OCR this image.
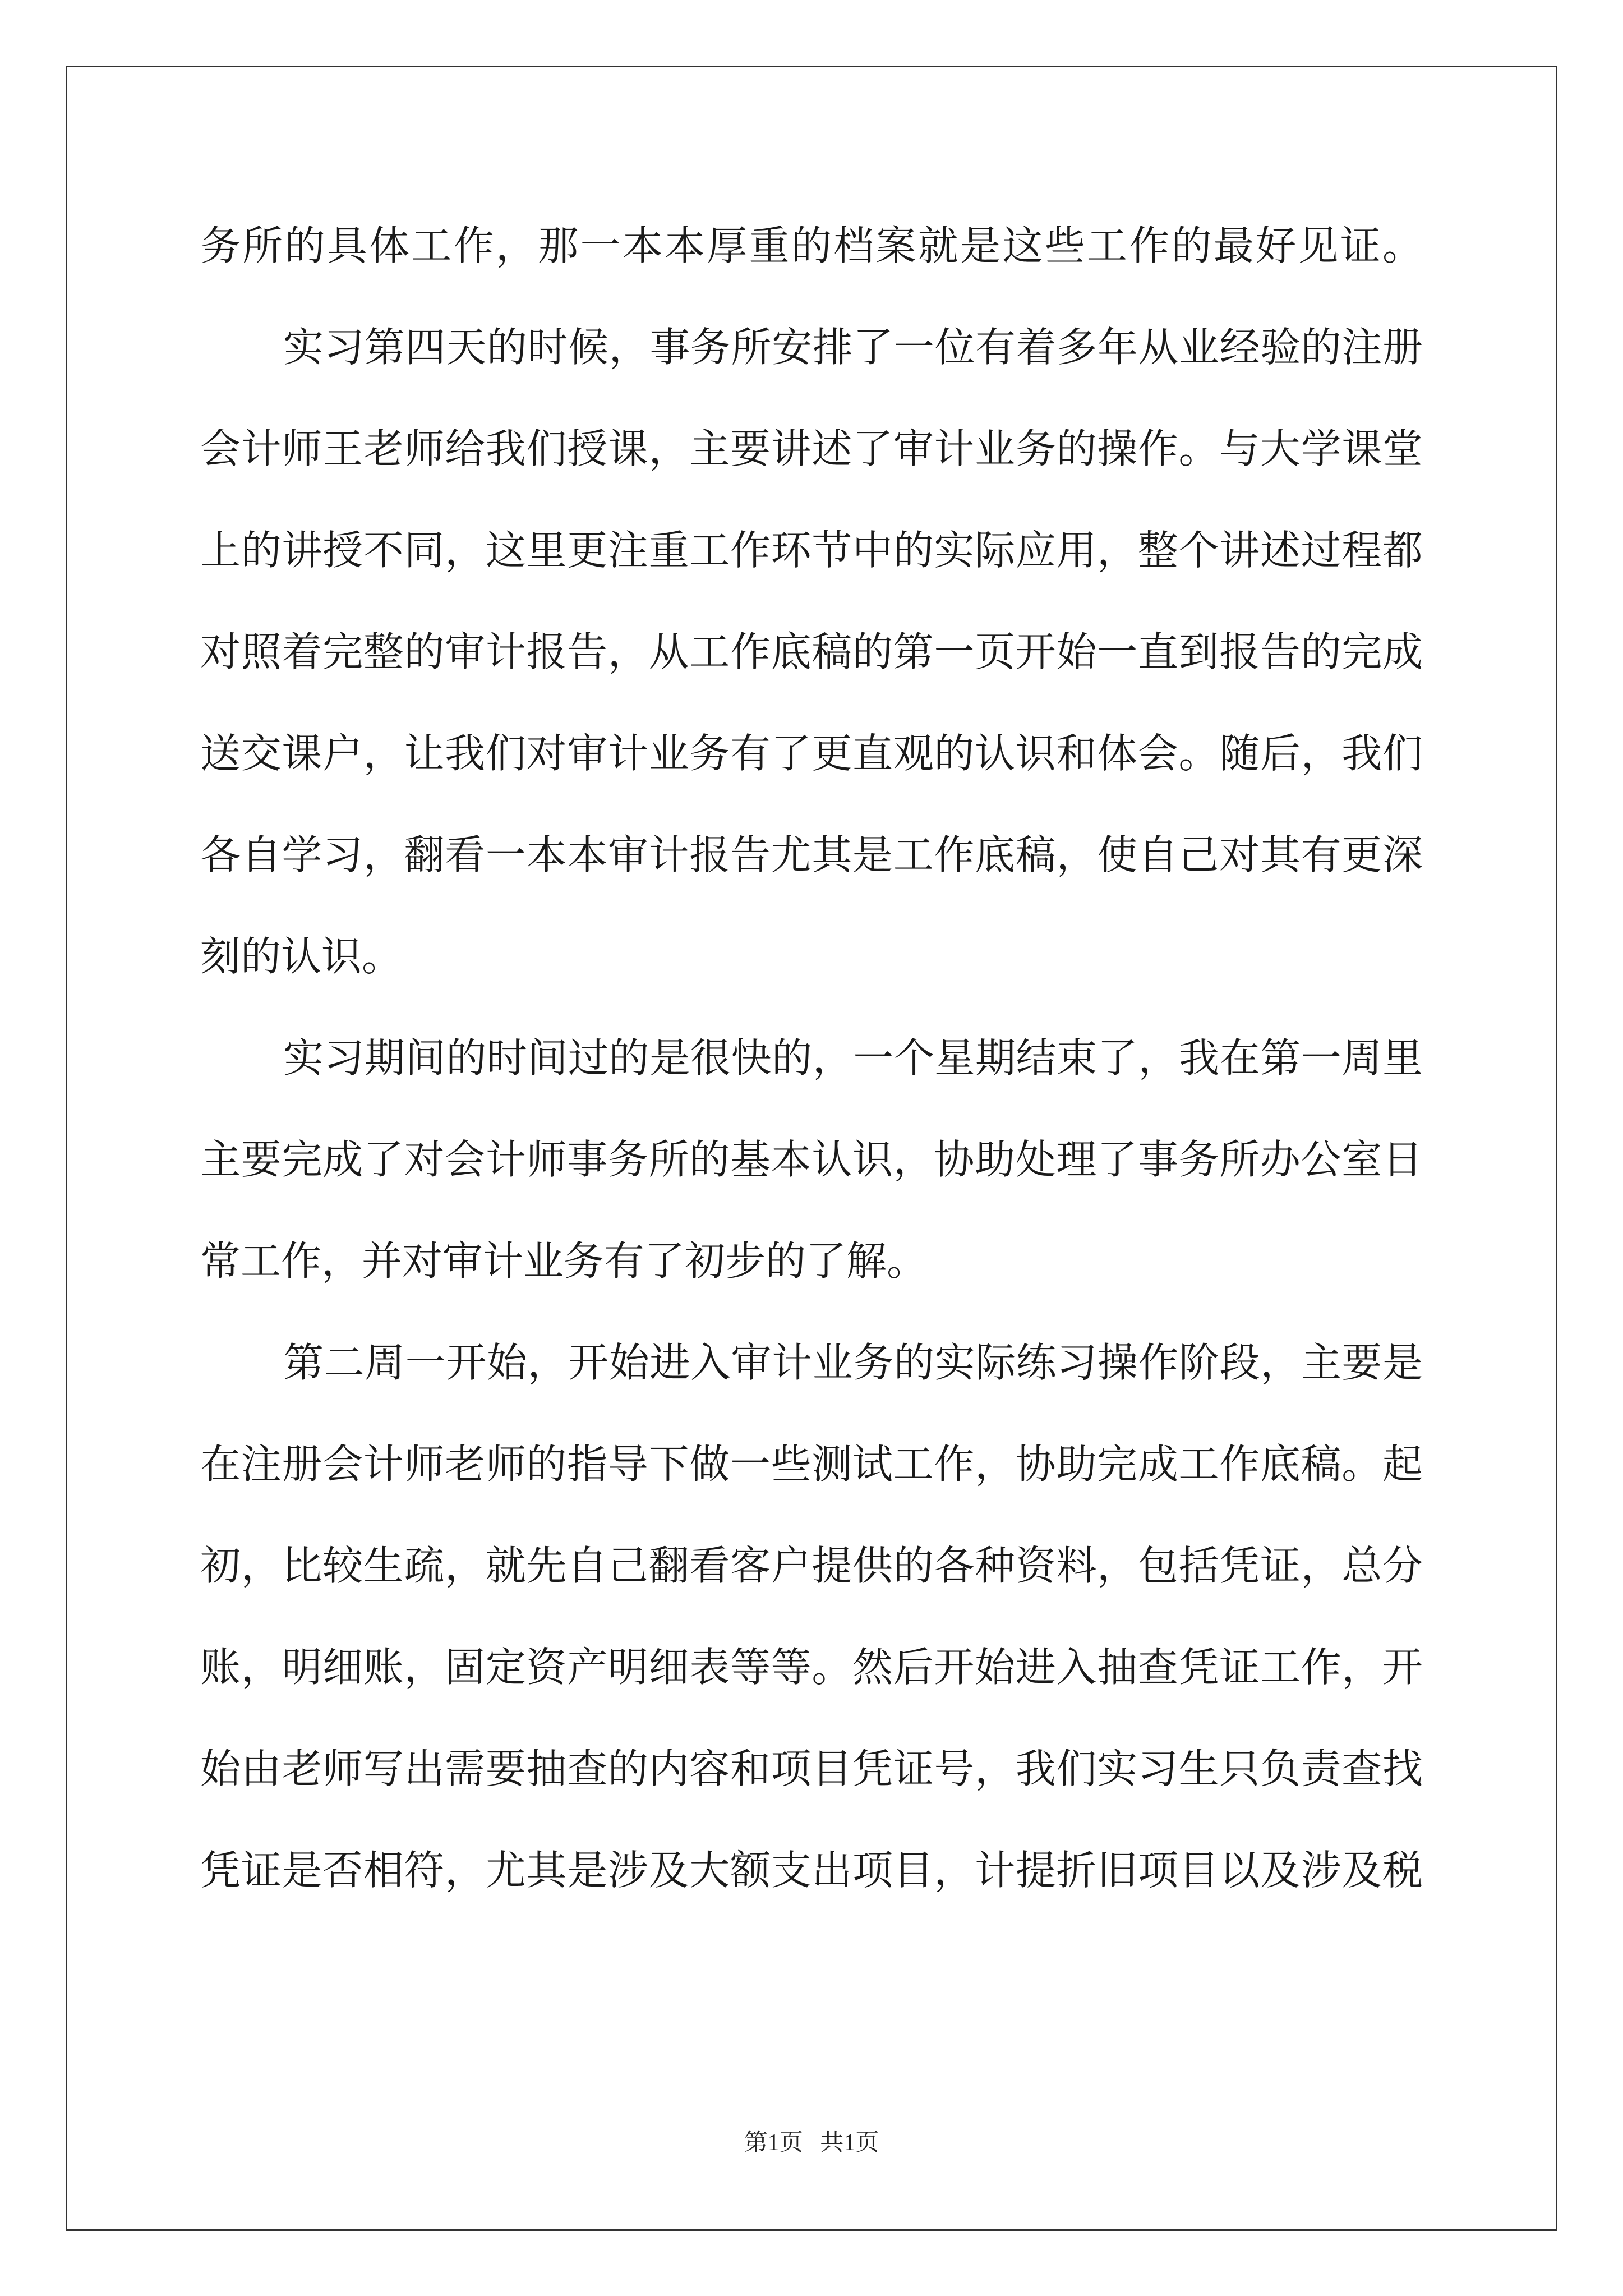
务所的具体工作，那一本本厚重的档案就是这些工作的最好见证。
实习第四天的时候，事务所安排了一位有着多年从业经验的注册
会计师王老师给我们授课，主要讲述了审计业务的操作。与大学课堂
上的讲授不同，这里更注重工作环节中的实际应用，整个讲述过程都
对照着完整的审计报告，从工作底稿的第一页开始一直到报告的完成
送交课户，让我们对审计业务有了更直观的认识和体会。随后，我们
各自学习，翻看一本本审计报告尤其是工作底稿，使自己对其有更深
刻的认识。
实习期间的时间过的是很快的，一个星期结束了，我在第一周里
主要完成了对会计师事务所的基本认识，协助处理了事务所办公室日
常工作，并对审计业务有了初步的了解。
第二周一开始，开始进入审计业务的实际练习操作阶段，主要是
在注册会计师老师的指导下做一些测试工作，协助完成工作底稿。起
初，比较生疏，就先自己翻看客户提供的各种资料，包括凭证，总分
账，明细账，固定资产明细表等等。然后开始进入抽查凭证工作，开
始由老师写出需要抽查的内容和项目凭证号，我们实习生只负责查找
凭证是否相符，尤其是涉及大额支出项目，计提折旧项目以及涉及税
第1页 共1页
